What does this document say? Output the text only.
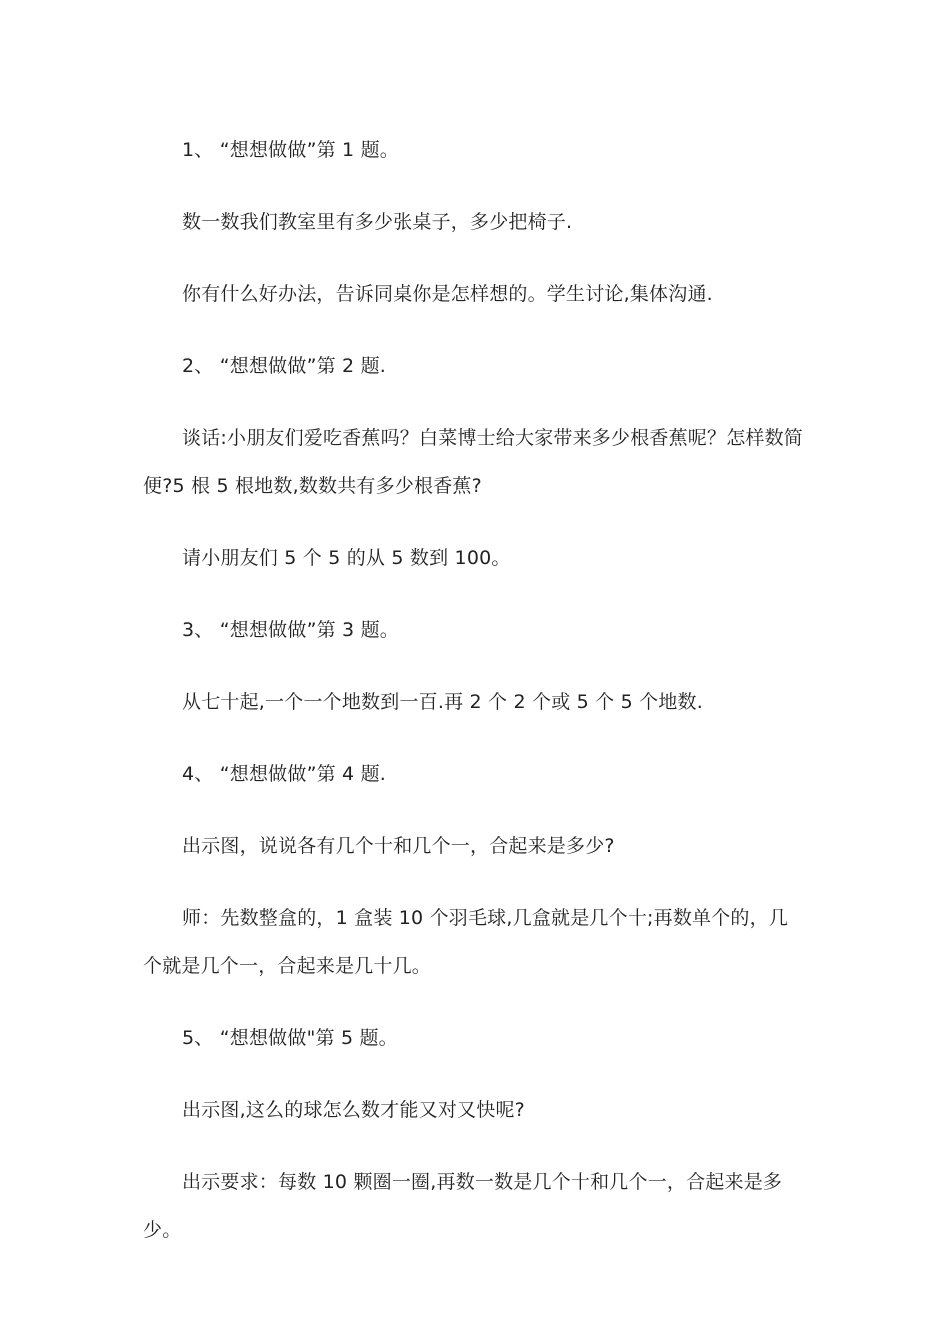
1、 “想想做做”第 1 题。

数一数我们教室里有多少张桌子，多少把椅子.

你有什么好办法，告诉同桌你是怎样想的。学生讨论,集体沟通.

2、 “想想做做”第 2 题.

谈话:小朋友们爱吃香蕉吗？白菜博士给大家带来多少根香蕉呢？怎样数简便?5 根 5 根地数,数数共有多少根香蕉?

请小朋友们 5 个 5 的从 5 数到 100。

3、 “想想做做”第 3 题。

从七十起,一个一个地数到一百.再 2 个 2 个或 5 个 5 个地数.

4、 “想想做做”第 4 题.

出示图，说说各有几个十和几个一，合起来是多少?

师：先数整盒的，1 盒装 10 个羽毛球,几盒就是几个十;再数单个的，几个就是几个一，合起来是几十几。

5、 “想想做做"第 5 题。

出示图,这么的球怎么数才能又对又快呢?

出示要求：每数 10 颗圈一圈,再数一数是几个十和几个一，合起来是多少。
